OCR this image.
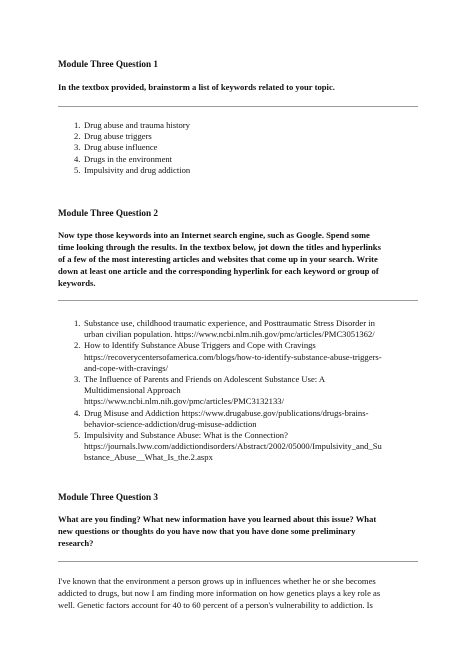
Module Three Question 1
In the textbox provided, brainstorm a list of keywords related to your topic.
1. Drug abuse and trauma history
2. Drug abuse triggers
3. Drug abuse influence
4. Drugs in the environment
5. Impulsivity and drug addiction
Module Three Question 2
Now type those keywords into an Internet search engine, such as Google. Spend some
time looking through the results. In the textbox below, jot down the titles and hyperlinks
of a few of the most interesting articles and websites that come up in your search. Write
down at least one article and the corresponding hyperlink for each keyword or group of
keywords.
1. Substance use, childhood traumatic experience, and Posttraumatic Stress Disorder in
urban civilian population. https://www.ncbi.nlm.nih.gov/pmc/articles/PMC3051362/
2. How to Identify Substance Abuse Triggers and Cope with Cravings
https://recoverycentersofamerica.com/blogs/how-to-identify-substance-abuse-triggers-
and-cope-with-cravings/
3. The Influence of Parents and Friends on Adolescent Substance Use: A
Multidimensional Approach
https://www.ncbi.nlm.nih.gov/pmc/articles/PMC3132133/
4. Drug Misuse and Addiction https://www.drugabuse.gov/publications/drugs-brains-
behavior-science-addiction/drug-misuse-addiction
5. Impulsivity and Substance Abuse: What is the Connection?
https://journals.lww.com/addictiondisorders/Abstract/2002/05000/Impulsivity_and_Su
bstance_Abuse__What_Is_the.2.aspx
Module Three Question 3
What are you finding? What new information have you learned about this issue? What
new questions or thoughts do you have now that you have done some preliminary
research?
I've known that the environment a person grows up in influences whether he or she becomes
addicted to drugs, but now I am finding more information on how genetics plays a key role as
well. Genetic factors account for 40 to 60 percent of a person's vulnerability to addiction. Is
